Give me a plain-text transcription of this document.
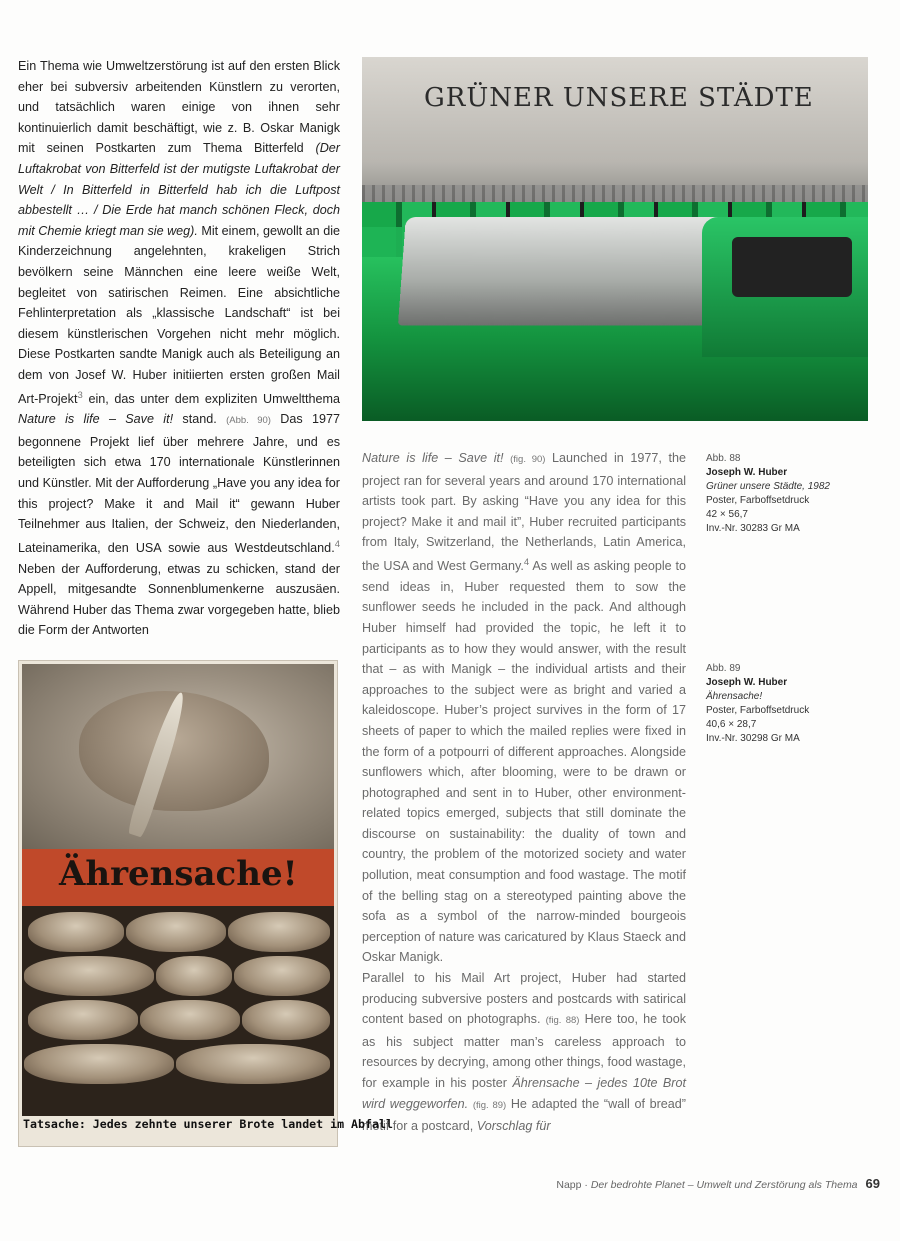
Ein Thema wie Umweltzerstörung ist auf den ersten Blick eher bei subversiv arbeitenden Künstlern zu verorten, und tatsächlich waren einige von ihnen sehr kontinuierlich damit beschäftigt, wie z. B. Oskar Manigk mit seinen Postkarten zum Thema Bitterfeld (Der Luftakrobat von Bitterfeld ist der mutigste Luftakrobat der Welt / In Bitterfeld in Bitterfeld hab ich die Luftpost abbestellt … / Die Erde hat manch schönen Fleck, doch mit Chemie kriegt man sie weg). Mit einem, gewollt an die Kinderzeichnung angelehnten, krakeligen Strich bevölkern seine Männchen eine leere weiße Welt, begleitet von satirischen Reimen. Eine absichtliche Fehlinterpretation als „klassische Landschaft“ ist bei diesem künstlerischen Vorgehen nicht mehr möglich. Diese Postkarten sandte Manigk auch als Beteiligung an dem von Josef W. Huber initiierten ersten großen Mail Art-Projekt$^3$ ein, das unter dem expliziten Umweltthema Nature is life – Save it! stand. (Abb. 90) Das 1977 begonnene Projekt lief über mehrere Jahre, und es beteiligten sich etwa 170 internationale Künstlerinnen und Künstler. Mit der Aufforderung „Have you any idea for this project? Make it and Mail it“ gewann Huber Teilnehmer aus Italien, der Schweiz, den Niederlanden, Lateinamerika, den USA sowie aus Westdeutschland.$^4$ Neben der Aufforderung, etwas zu schicken, stand der Appell, mitgesandte Sonnenblumenkerne auszusäen. Während Huber das Thema zwar vorgegeben hatte, blieb die Form der Antworten

GRÜNER UNSERE STÄDTE
Abb. 88
Joseph W. Huber
Grüner unsere Städte, 1982
Poster, Farboffsetdruck
42 × 56,7
Inv.-Nr. 30283 Gr MA
Abb. 89
Joseph W. Huber
Ährensache!
Poster, Farboffsetdruck
40,6 × 28,7
Inv.-Nr. 30298 Gr MA

Nature is life – Save it! (fig. 90) Launched in 1977, the project ran for several years and around 170 international artists took part. By asking “Have you any idea for this project? Make it and mail it”, Huber recruited participants from Italy, Switzerland, the Netherlands, Latin America, the USA and West Germany.$^4$ As well as asking people to send ideas in, Huber requested them to sow the sunflower seeds he included in the pack. And although Huber himself had provided the topic, he left it to participants as to how they would answer, with the result that – as with Manigk – the individual artists and their approaches to the subject were as bright and varied a kaleidoscope. Huber’s project survives in the form of 17 sheets of paper to which the mailed replies were fixed in the form of a potpourri of different approaches. Alongside sunflowers which, after blooming, were to be drawn or photographed and sent in to Huber, other environment-related topics emerged, subjects that still dominate the discourse on sustainability: the duality of town and country, the problem of the motorized society and water pollution, meat consumption and food wastage. The motif of the belling stag on a stereotyped painting above the sofa as a symbol of the narrow-minded bourgeois perception of nature was caricatured by Klaus Staeck and Oskar Manigk.

Parallel to his Mail Art project, Huber had started producing subversive posters and postcards with satirical content based on photographs. (fig. 88) Here too, he took as his subject matter man’s careless approach to resources by decrying, among other things, food wastage, for example in his poster Ährensache – jedes 10te Brot wird weggeworfen. (fig. 89) He adapted the “wall of bread” motif for a postcard, Vorschlag für

Ährensache!
Tatsache: Jedes zehnte unserer Brote landet im Abfall
Napp · Der bedrohte Planet – Umwelt und Zerstörung als Thema 69
